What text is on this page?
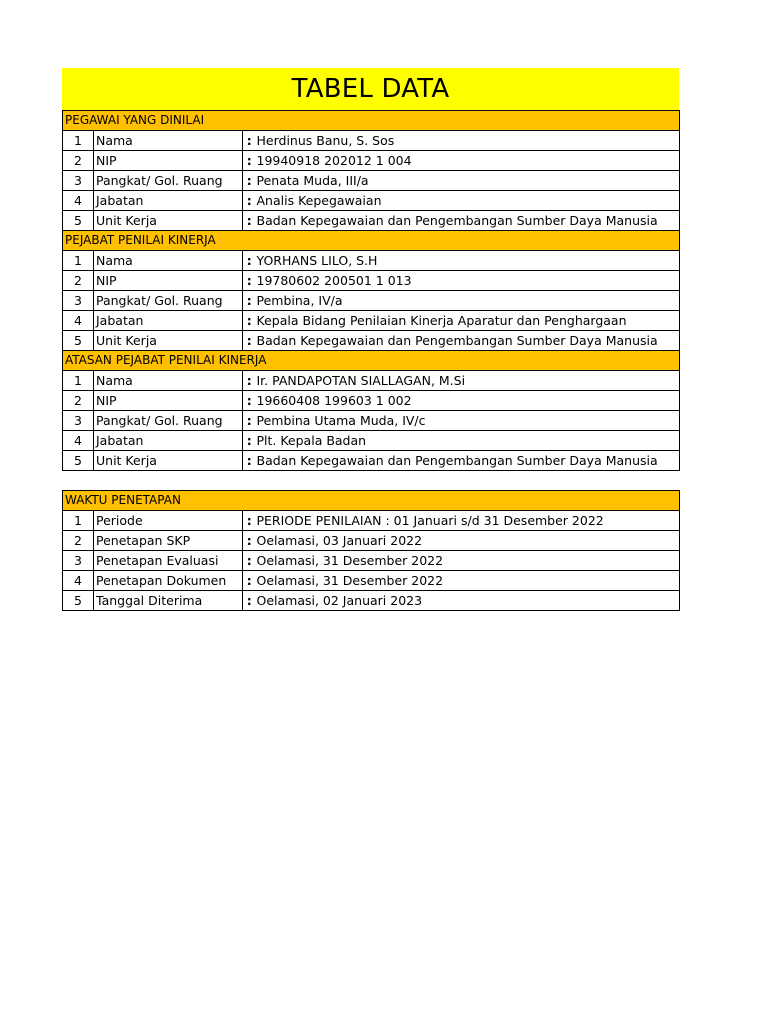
TABEL DATA
PEGAWAI YANG DINILAI			
1	Nama	:	Herdinus Banu, S. Sos
2	NIP	:	19940918 202012 1 004
3	Pangkat/ Gol. Ruang	:	Penata Muda, III/a
4	Jabatan	:	Analis Kepegawaian
5	Unit Kerja	:	Badan Kepegawaian dan Pengembangan Sumber Daya Manusia
PEJABAT PENILAI KINERJA			
1	Nama	:	YORHANS LILO, S.H
2	NIP	:	19780602 200501 1 013
3	Pangkat/ Gol. Ruang	:	Pembina, IV/a
4	Jabatan	:	Kepala Bidang Penilaian Kinerja Aparatur dan Penghargaan
5	Unit Kerja	:	Badan Kepegawaian dan Pengembangan Sumber Daya Manusia
ATASAN PEJABAT PENILAI KINERJA			
1	Nama	:	Ir. PANDAPOTAN SIALLAGAN, M.Si
2	NIP	:	19660408 199603 1 002
3	Pangkat/ Gol. Ruang	:	Pembina Utama Muda, IV/c
4	Jabatan	:	Plt. Kepala Badan
5	Unit Kerja	:	Badan Kepegawaian dan Pengembangan Sumber Daya Manusia
WAKTU PENETAPAN			
1	Periode	:	PERIODE PENILAIAN : 01 Januari s/d 31 Desember 2022
2	Penetapan SKP	:	Oelamasi, 03 Januari 2022
3	Penetapan Evaluasi	:	Oelamasi, 31 Desember 2022
4	Penetapan Dokumen	:	Oelamasi, 31 Desember 2022
5	Tanggal Diterima	:	Oelamasi, 02 Januari 2023
